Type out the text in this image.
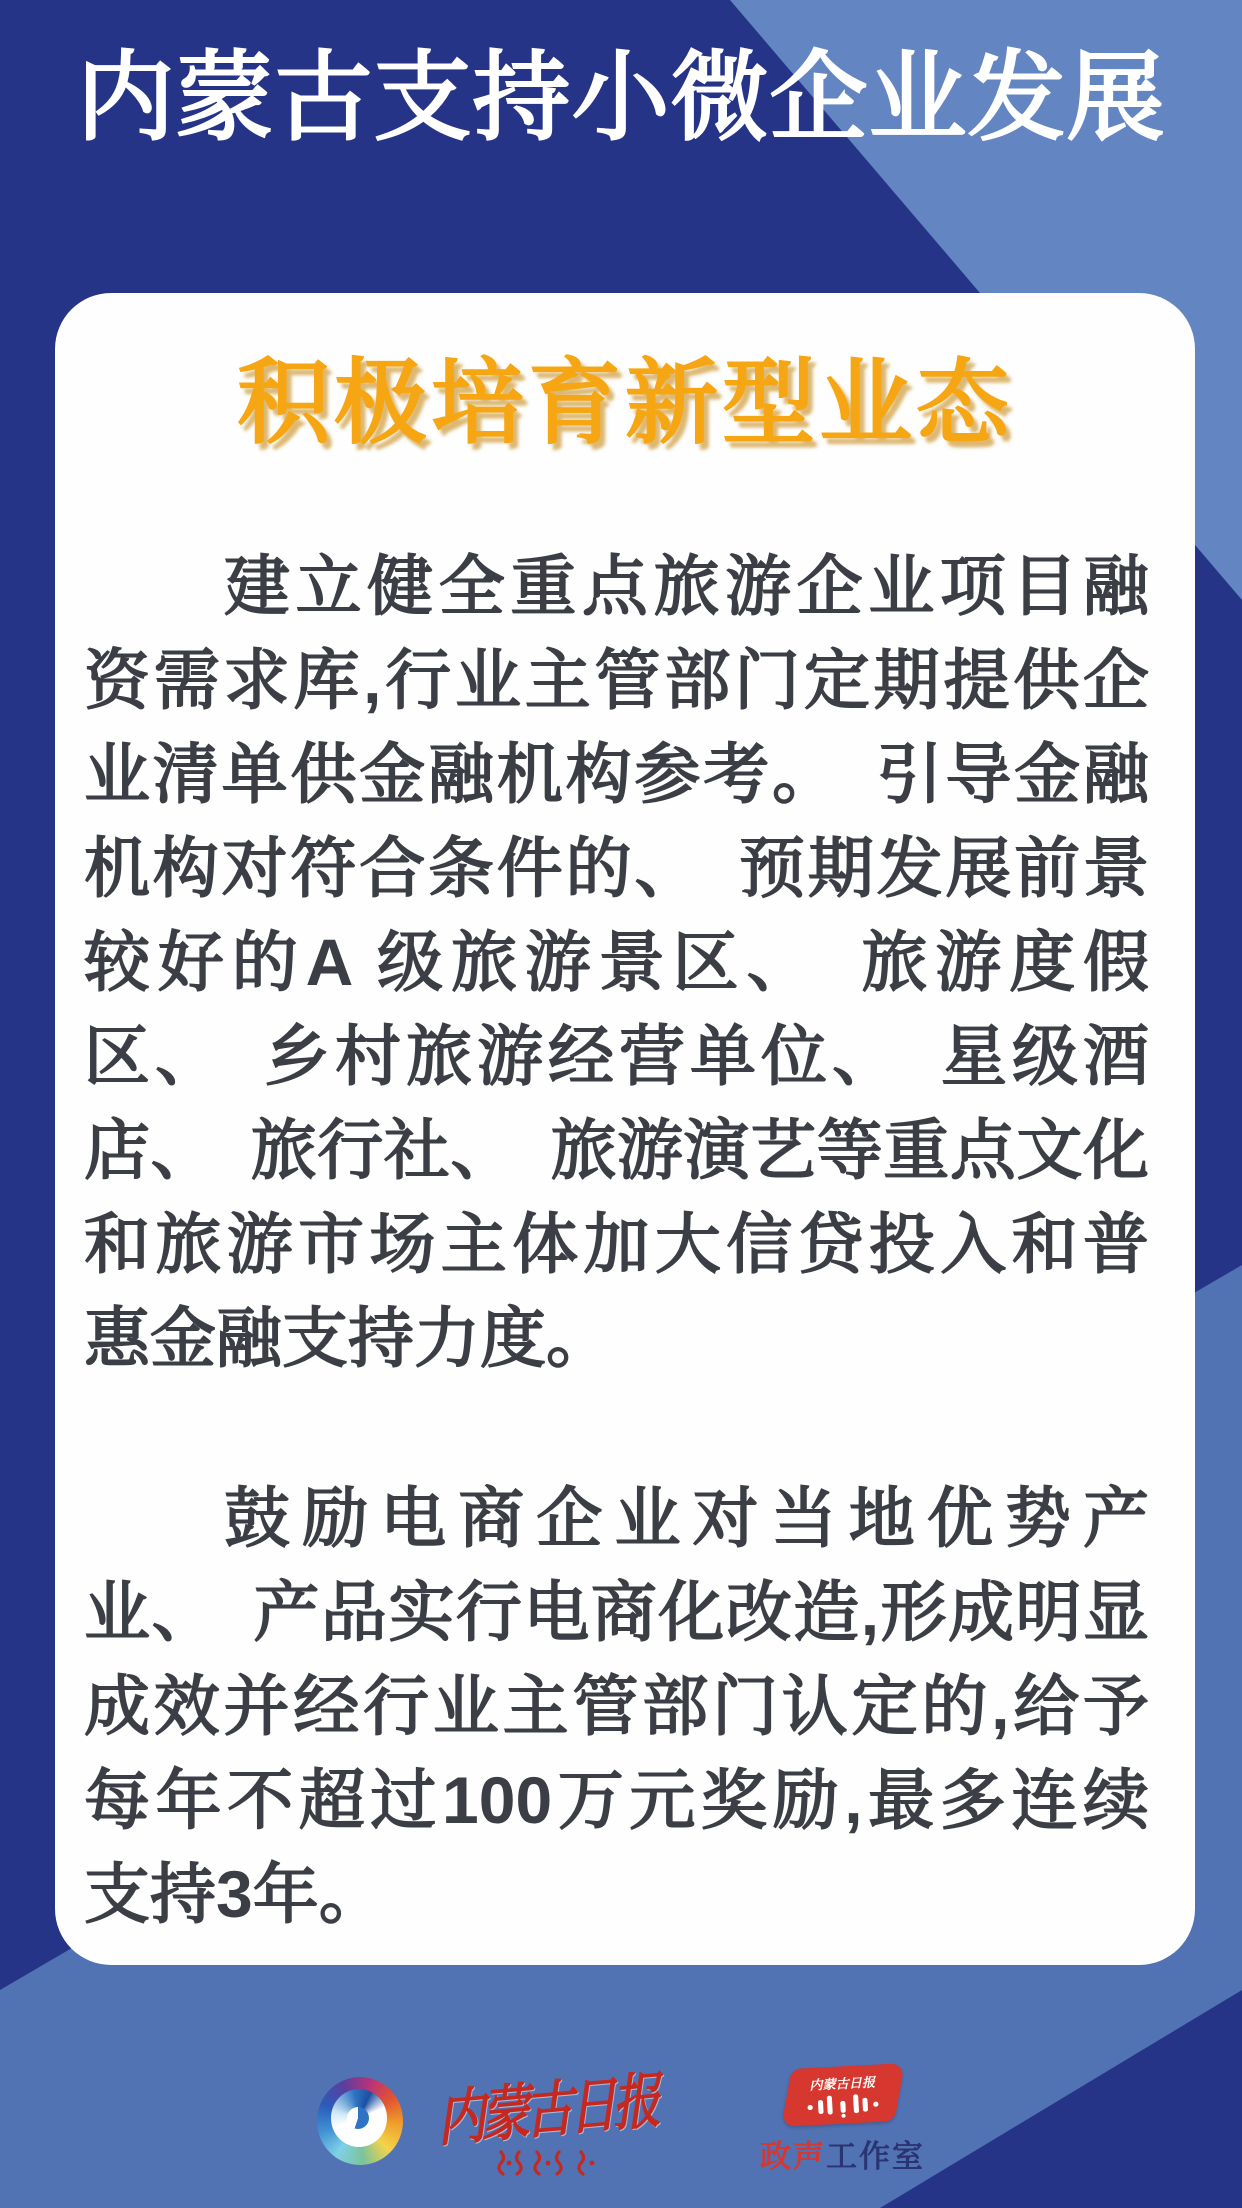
内蒙古支持小微企业发展
积极培育新型业态
建立健全重点旅游企业项目融
资需求库,行业主管部门定期提供企
业清单供金融机构参考。　引导金融
机构对符合条件的、　预期发展前景
较好的A 级旅游景区、　旅游度假
区、　乡村旅游经营单位、　星级酒
店、　旅行社、　旅游演艺等重点文化
和旅游市场主体加大信贷投入和普
惠金融支持力度。
鼓励电商企业对当地优势产
业、　产品实行电商化改造,形成明显
成效并经行业主管部门认定的,给予
每年不超过100万元奖励,最多连续
支持3年。
内蒙古日报	内蒙古日报
政声工作室
